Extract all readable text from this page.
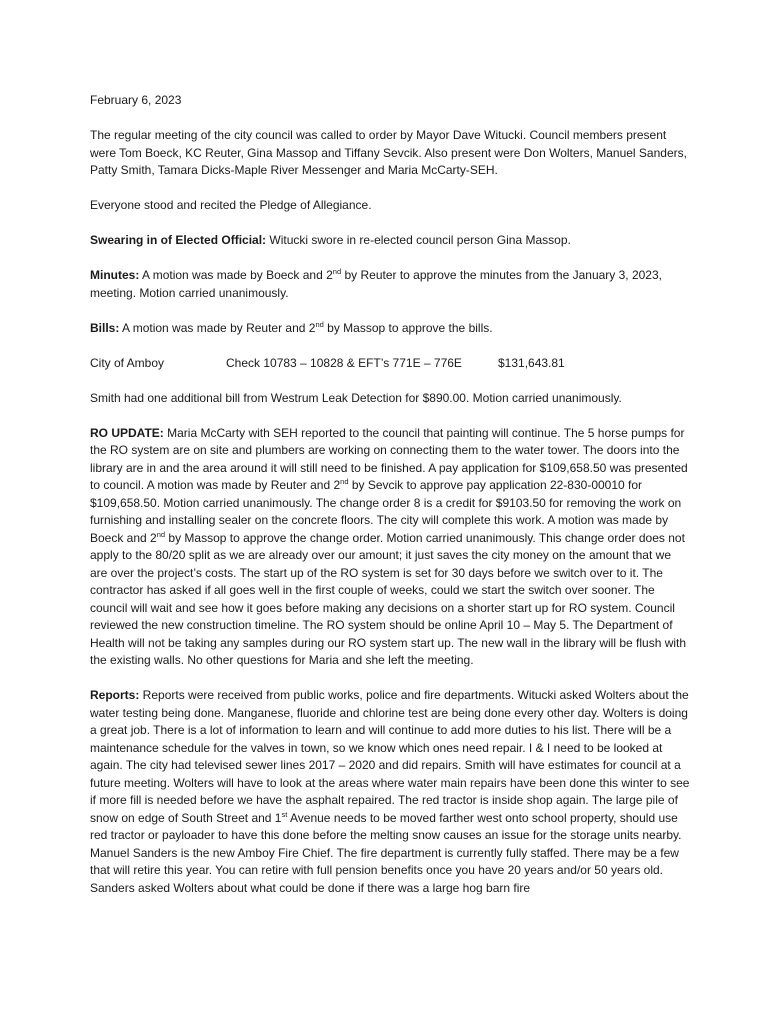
February 6, 2023

The regular meeting of the city council was called to order by Mayor Dave Witucki. Council members present were Tom Boeck, KC Reuter, Gina Massop and Tiffany Sevcik. Also present were Don Wolters, Manuel Sanders, Patty Smith, Tamara Dicks-Maple River Messenger and Maria McCarty-SEH.

Everyone stood and recited the Pledge of Allegiance.

Swearing in of Elected Official: Witucki swore in re-elected council person Gina Massop.

Minutes: A motion was made by Boeck and 2nd by Reuter to approve the minutes from the January 3, 2023, meeting. Motion carried unanimously.

Bills: A motion was made by Reuter and 2nd by Massop to approve the bills.

City of Amboy	Check 10783 – 10828 & EFT’s 771E – 776E	$131,643.81

Smith had one additional bill from Westrum Leak Detection for $890.00. Motion carried unanimously.

RO UPDATE: Maria McCarty with SEH reported to the council that painting will continue. The 5 horse pumps for the RO system are on site and plumbers are working on connecting them to the water tower. The doors into the library are in and the area around it will still need to be finished. A pay application for $109,658.50 was presented to council. A motion was made by Reuter and 2nd by Sevcik to approve pay application 22-830-00010 for $109,658.50. Motion carried unanimously. The change order 8 is a credit for $9103.50 for removing the work on furnishing and installing sealer on the concrete floors. The city will complete this work. A motion was made by Boeck and 2nd by Massop to approve the change order. Motion carried unanimously. This change order does not apply to the 80/20 split as we are already over our amount; it just saves the city money on the amount that we are over the project’s costs. The start up of the RO system is set for 30 days before we switch over to it. The contractor has asked if all goes well in the first couple of weeks, could we start the switch over sooner. The council will wait and see how it goes before making any decisions on a shorter start up for RO system. Council reviewed the new construction timeline. The RO system should be online April 10 – May 5. The Department of Health will not be taking any samples during our RO system start up. The new wall in the library will be flush with the existing walls. No other questions for Maria and she left the meeting.

Reports: Reports were received from public works, police and fire departments. Witucki asked Wolters about the water testing being done. Manganese, fluoride and chlorine test are being done every other day. Wolters is doing a great job. There is a lot of information to learn and will continue to add more duties to his list. There will be a maintenance schedule for the valves in town, so we know which ones need repair. I & I need to be looked at again. The city had televised sewer lines 2017 – 2020 and did repairs. Smith will have estimates for council at a future meeting. Wolters will have to look at the areas where water main repairs have been done this winter to see if more fill is needed before we have the asphalt repaired. The red tractor is inside shop again. The large pile of snow on edge of South Street and 1st Avenue needs to be moved farther west onto school property, should use red tractor or payloader to have this done before the melting snow causes an issue for the storage units nearby. Manuel Sanders is the new Amboy Fire Chief. The fire department is currently fully staffed. There may be a few that will retire this year. You can retire with full pension benefits once you have 20 years and/or 50 years old. Sanders asked Wolters about what could be done if there was a large hog barn fire
